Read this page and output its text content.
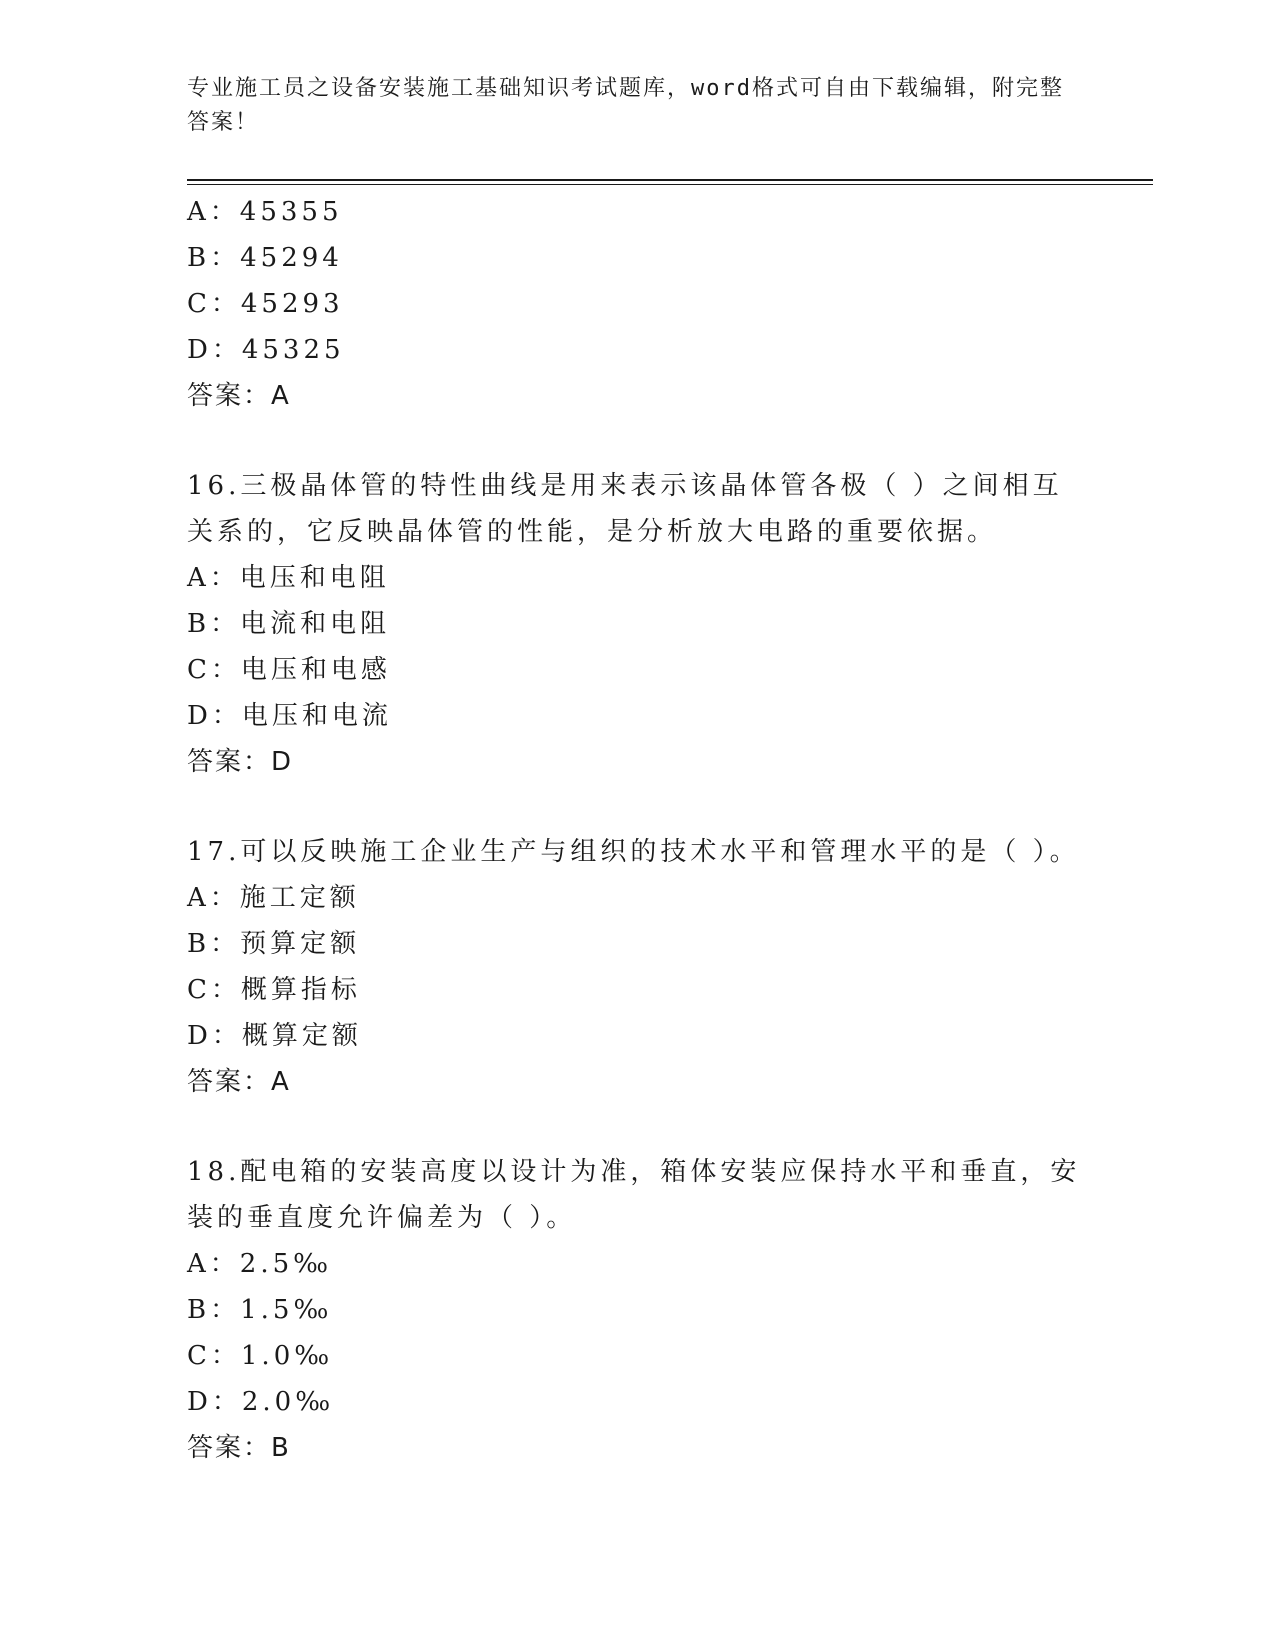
专业施工员之设备安装施工基础知识考试题库，word格式可自由下载编辑，附完整答案！
A：45355
B：45294
C：45293
D：45325
答案：A
16.三极晶体管的特性曲线是用来表示该晶体管各极（ ）之间相互关系的，它反映晶体管的性能，是分析放大电路的重要依据。
A：电压和电阻
B：电流和电阻
C：电压和电感
D：电压和电流
答案：D
17.可以反映施工企业生产与组织的技术水平和管理水平的是（ ）。
A：施工定额
B：预算定额
C：概算指标
D：概算定额
答案：A
18.配电箱的安装高度以设计为准，箱体安装应保持水平和垂直，安装的垂直度允许偏差为（ ）。
A：2.5‰
B：1.5‰
C：1.0‰
D：2.0‰
答案：B
